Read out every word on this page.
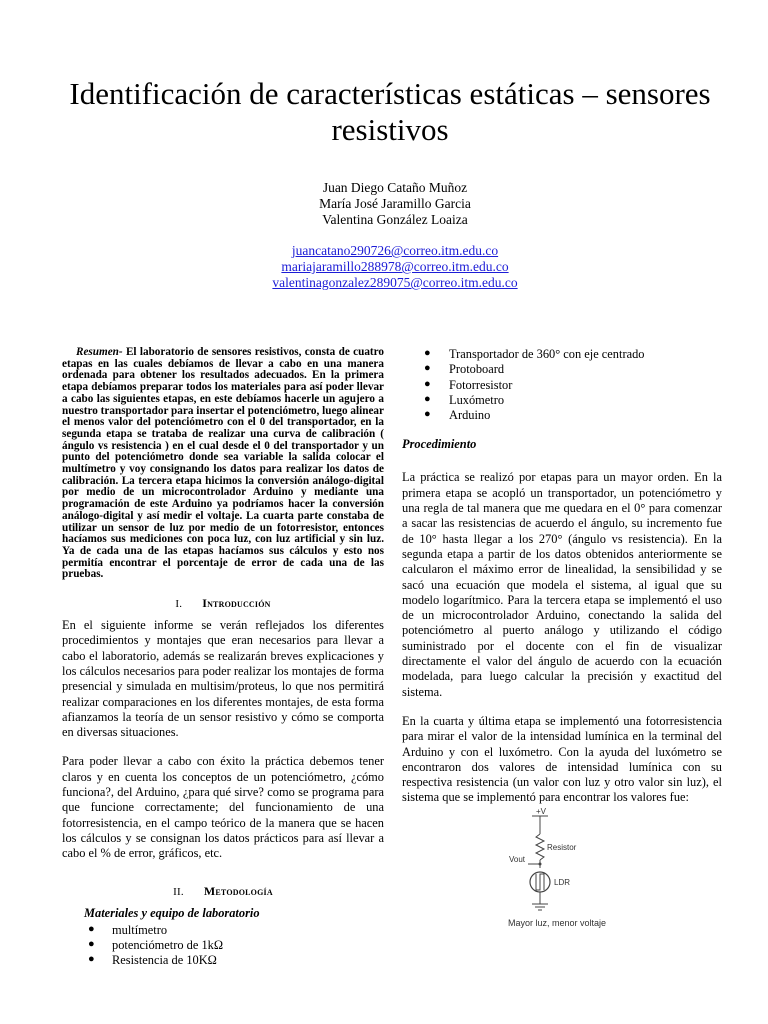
Identificación de características estáticas – sensores resistivos
Juan Diego Cataño Muñoz
María José Jaramillo Garcia
Valentina González Loaiza
juancatano290726@correo.itm.edu.co
mariajaramillo288978@correo.itm.edu.co
valentinagonzalez289075@correo.itm.edu.co

Resumen- El laboratorio de sensores resistivos, consta de cuatro etapas en las cuales debíamos de llevar a cabo en una manera ordenada para obtener los resultados adecuados. En la primera etapa debíamos preparar todos los materiales para así poder llevar a cabo las siguientes etapas, en este debíamos hacerle un agujero a nuestro transportador para insertar el potenciómetro, luego alinear el menos valor del potenciómetro con el 0 del transportador, en la segunda etapa se trataba de realizar una curva de calibración ( ángulo vs resistencia ) en el cual desde el 0 del transportador y un punto del potenciómetro donde sea variable la salida colocar el multímetro y voy consignando los datos para realizar los datos de calibración. La tercera etapa hicimos la conversión análogo-digital por medio de un microcontrolador Arduino y mediante una programación de este Arduino ya podríamos hacer la conversión análogo-digital y así medir el voltaje. La cuarta parte constaba de utilizar un sensor de luz por medio de un fotorresistor, entonces hacíamos sus mediciones con poca luz, con luz artificial y sin luz. Ya de cada una de las etapas hacíamos sus cálculos y esto nos permitía encontrar el porcentaje de error de cada una de las pruebas.

I. Introducción

En el siguiente informe se verán reflejados los diferentes procedimientos y montajes que eran necesarios para llevar a cabo el laboratorio, además se realizarán breves explicaciones y los cálculos necesarios para poder realizar los montajes de forma presencial y simulada en multisim/proteus, lo que nos permitirá realizar comparaciones en los diferentes montajes, de esta forma afianzamos la teoría de un sensor resistivo y cómo se comporta en diversas situaciones.

Para poder llevar a cabo con éxito la práctica debemos tener claros y en cuenta los conceptos de un potenciómetro, ¿cómo funciona?, del Arduino, ¿para qué sirve? como se programa para que funcione correctamente; del funcionamiento de una fotorresistencia, en el campo teórico de la manera que se hacen los cálculos y se consignan los datos prácticos para así llevar a cabo el % de error, gráficos, etc.

II. Metodología
Materiales y equipo de laboratorio
● multímetro
● potenciómetro de 1kΩ
● Resistencia de 10KΩ
● Transportador de 360° con eje centrado
● Protoboard
● Fotorresistor
● Luxómetro
● Arduino
Procedimiento

La práctica se realizó por etapas para un mayor orden. En la primera etapa se acopló un transportador, un potenciómetro y una regla de tal manera que me quedara en el 0° para comenzar a sacar las resistencias de acuerdo el ángulo, su incremento fue de 10° hasta llegar a los 270° (ángulo vs resistencia). En la segunda etapa a partir de los datos obtenidos anteriormente se calcularon el máximo error de linealidad, la sensibilidad y se sacó una ecuación que modela el sistema, al igual que su modelo logarítmico. Para la tercera etapa se implementó el uso de un microcontrolador Arduino, conectando la salida del potenciómetro al puerto análogo y utilizando el código suministrado por el docente con el fin de visualizar directamente el valor del ángulo de acuerdo con la ecuación modelada, para luego calcular la precisión y exactitud del sistema.

En la cuarta y última etapa se implementó una fotorresistencia para mirar el valor de la intensidad lumínica en la terminal del Arduino y con el luxómetro. Con la ayuda del luxómetro se encontraron dos valores de intensidad lumínica con su respectiva resistencia (un valor con luz y otro valor sin luz), el sistema que se implementó para encontrar los valores fue:

+V
Resistor
Vout
LDR
Mayor luz, menor voltaje
